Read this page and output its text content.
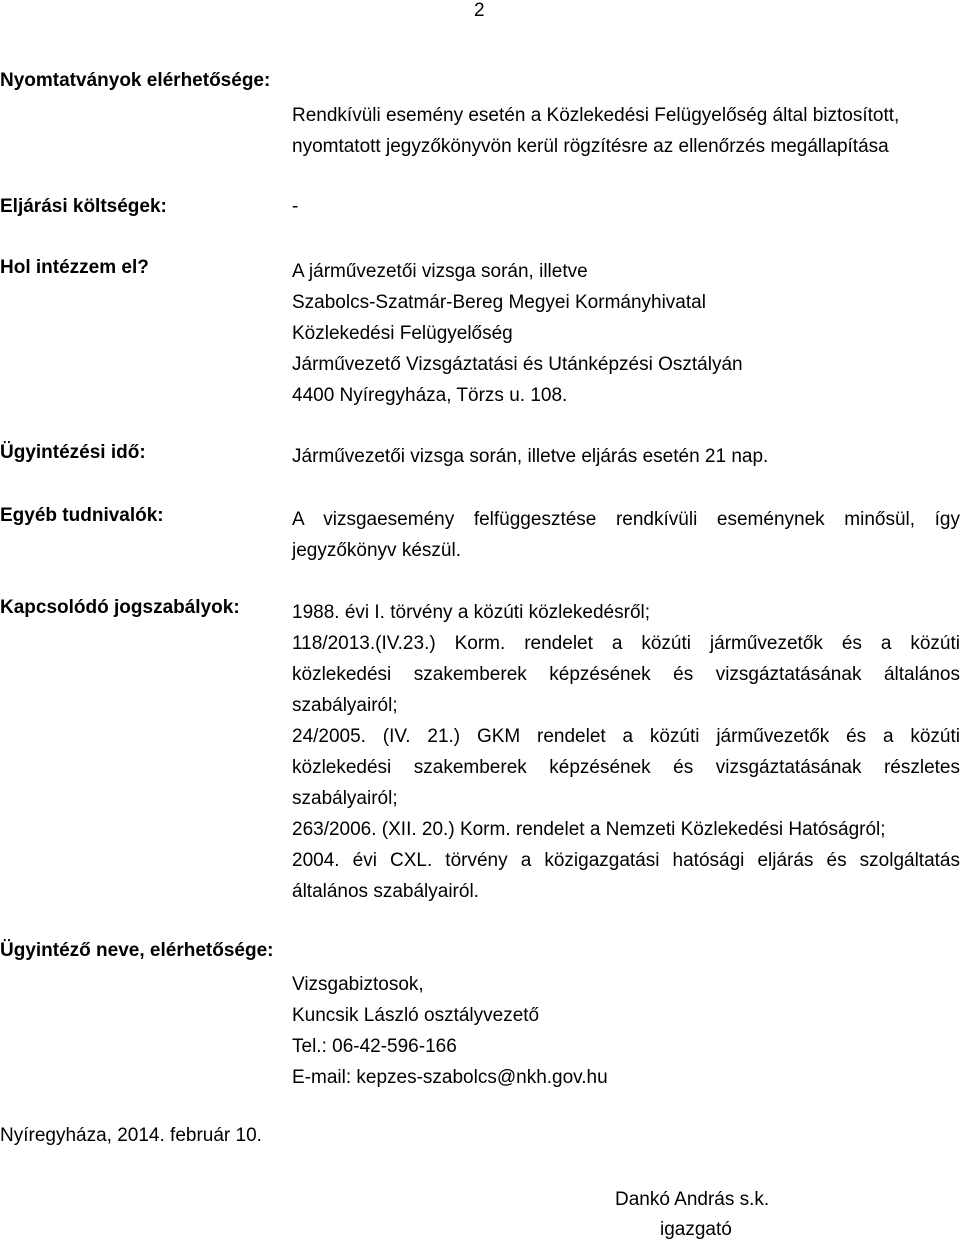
2
Nyomtatványok elérhetősége:
Rendkívüli esemény esetén a Közlekedési Felügyelőség által biztosított,
nyomtatott jegyzőkönyvön kerül rögzítésre az ellenőrzés megállapítása
Eljárási költségek:	-
Hol intézzem el?	A járművezetői vizsga során, illetve
Szabolcs-Szatmár-Bereg Megyei Kormányhivatal
Közlekedési Felügyelőség
Járművezető Vizsgáztatási és Utánképzési Osztályán
4400 Nyíregyháza, Törzs u. 108.
Ügyintézési idő:	Járművezetői vizsga során, illetve eljárás esetén 21 nap.
Egyéb tudnivalók:	A vizsgaesemény felfüggesztése rendkívüli eseménynek minősül, így
jegyzőkönyv készül.
Kapcsolódó jogszabályok:	1988. évi I. törvény a közúti közlekedésről;
118/2013.(IV.23.) Korm. rendelet a közúti járművezetők és a közúti
közlekedési szakemberek képzésének és vizsgáztatásának általános
szabályairól;
24/2005. (IV. 21.) GKM rendelet a közúti járművezetők és a közúti
közlekedési szakemberek képzésének és vizsgáztatásának részletes
szabályairól;
263/2006. (XII. 20.) Korm. rendelet a Nemzeti Közlekedési Hatóságról;
2004. évi CXL. törvény a közigazgatási hatósági eljárás és szolgáltatás
általános szabályairól.
Ügyintéző neve, elérhetősége:
Vizsgabiztosok,
Kuncsik László osztályvezető
Tel.: 06-42-596-166
E-mail: kepzes-szabolcs@nkh.gov.hu
Nyíregyháza, 2014. február 10.
Dankó András s.k.
igazgató
